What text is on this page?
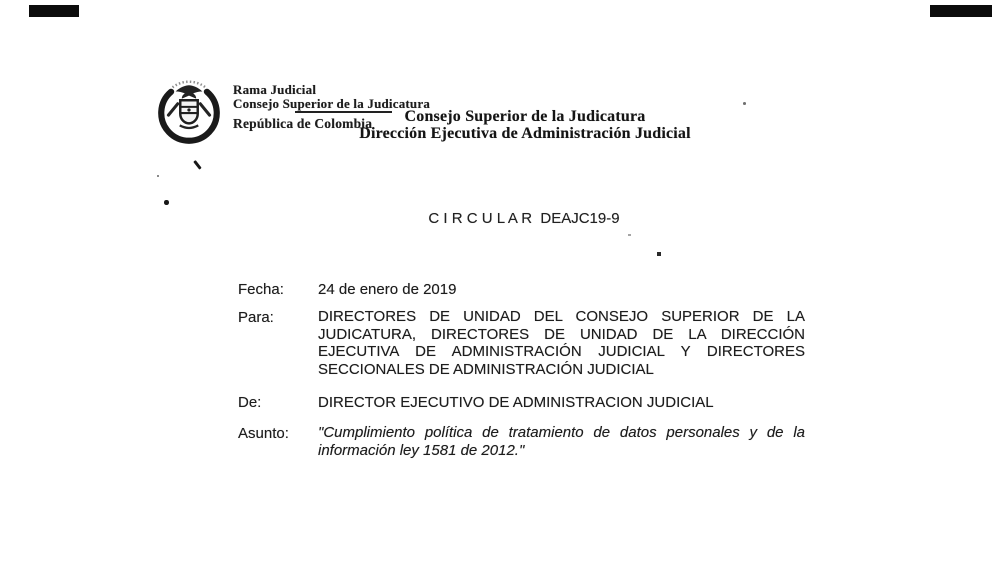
Rama Judicial
Consejo Superior de la Judicatura
República de Colombia	Consejo Superior de la Judicatura
Dirección Ejecutiva de Administración Judicial
C I R C U L A R  DEAJC19-9
Fecha: 24 de enero de 2019
Para:	DIRECTORES DE UNIDAD DEL CONSEJO SUPERIOR DE LA
JUDICATURA, DIRECTORES DE UNIDAD DE LA DIRECCIÓN
EJECUTIVA DE ADMINISTRACIÓN JUDICIAL Y DIRECTORES
SECCIONALES DE ADMINISTRACIÓN JUDICIAL
De:	DIRECTOR EJECUTIVO DE ADMINISTRACION JUDICIAL
Asunto: "Cumplimiento política de tratamiento de datos personales y de la
información ley 1581 de 2012."
